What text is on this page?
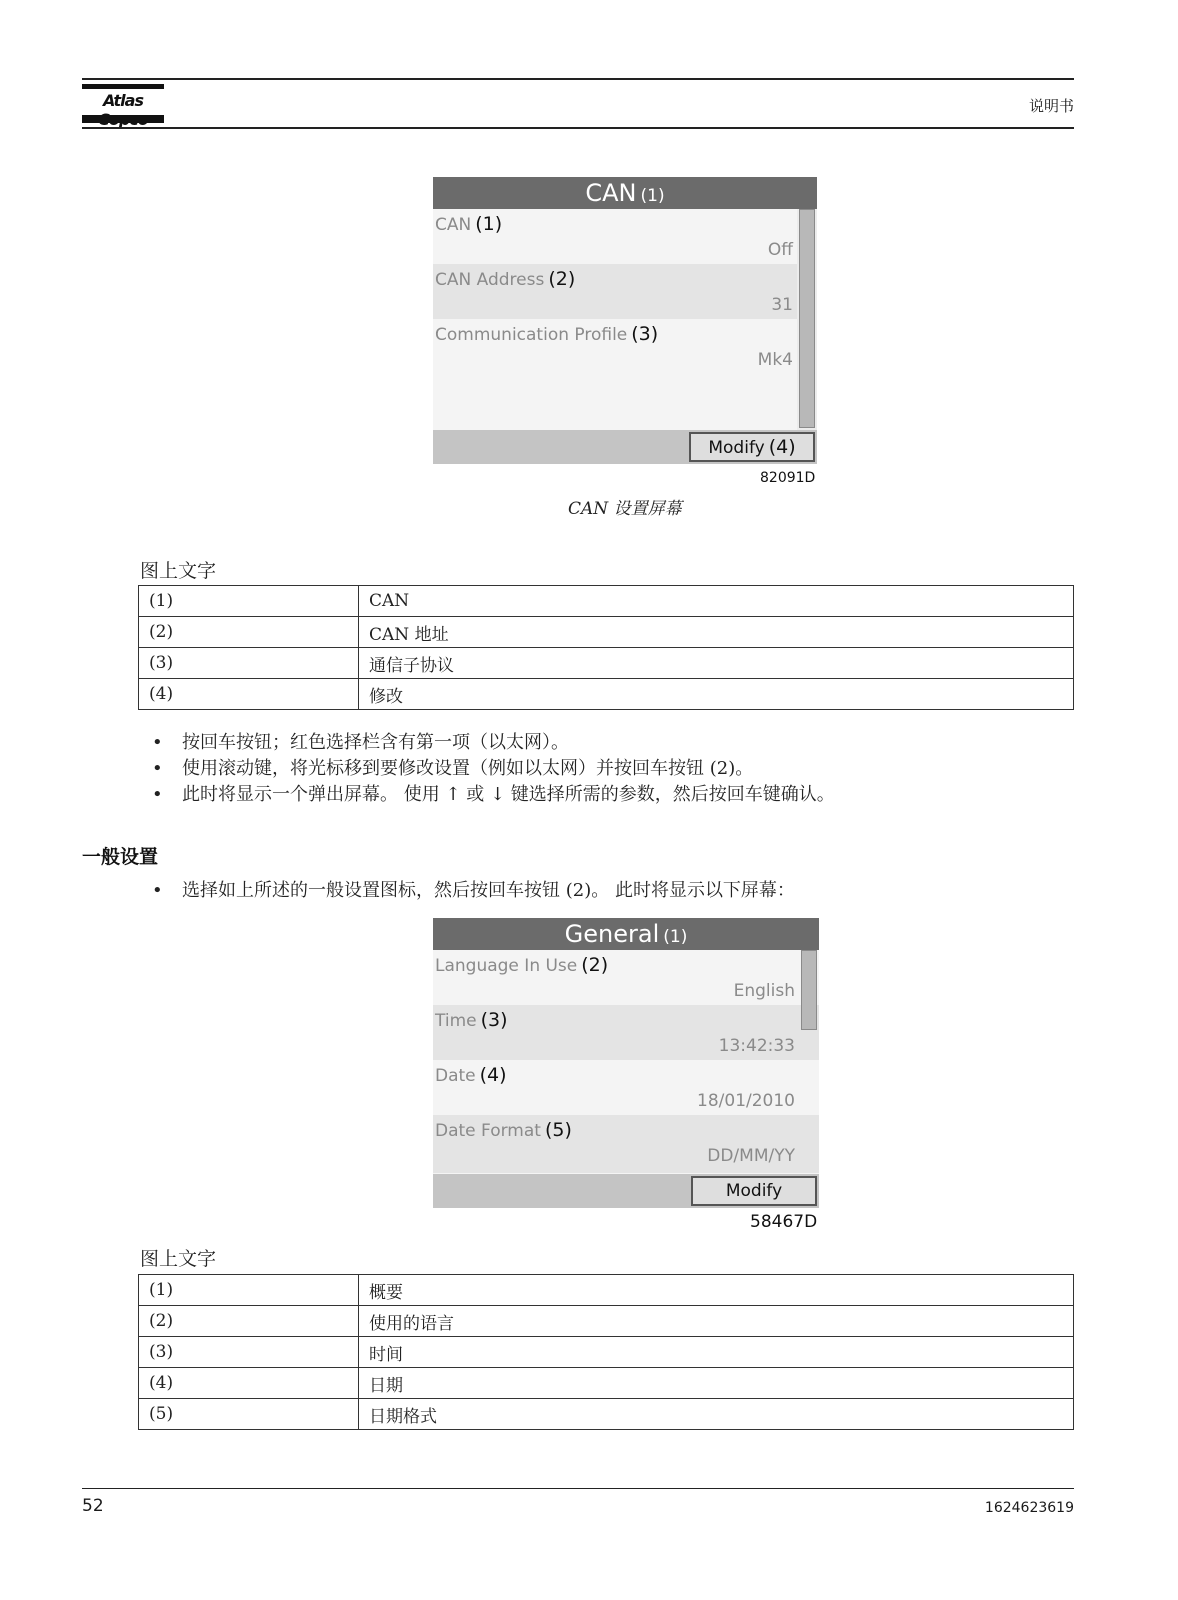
Atlas	说明书
CAN (1)
CAN (1)
Off
CAN Address (2)
31
Communication Profile (3)
Mk4
Modify (4)
82091D
CAN 设置屏幕
图上文字
(1)	CAN
(2)	CAN 地址
(3)	通信子协议
(4)	修改
• 按回车按钮；红色选择栏含有第一项（以太网）。
• 使用滚动键，将光标移到要修改设置（例如以太网）并按回车按钮 (2)。
• 此时将显示一个弹出屏幕。 使用 ↑ 或 ↓ 键选择所需的参数，然后按回车键确认。
一般设置
• 选择如上所述的一般设置图标，然后按回车按钮 (2)。 此时将显示以下屏幕：
General (1)
Language In Use (2)
English
Time (3)
13:42:33
Date (4)
18/01/2010
Date Format (5)
DD/MM/YY
Modify
58467D
图上文字
(1)	概要
(2)	使用的语言
(3)	时间
(4)	日期
(5)	日期格式
52	1624623619
